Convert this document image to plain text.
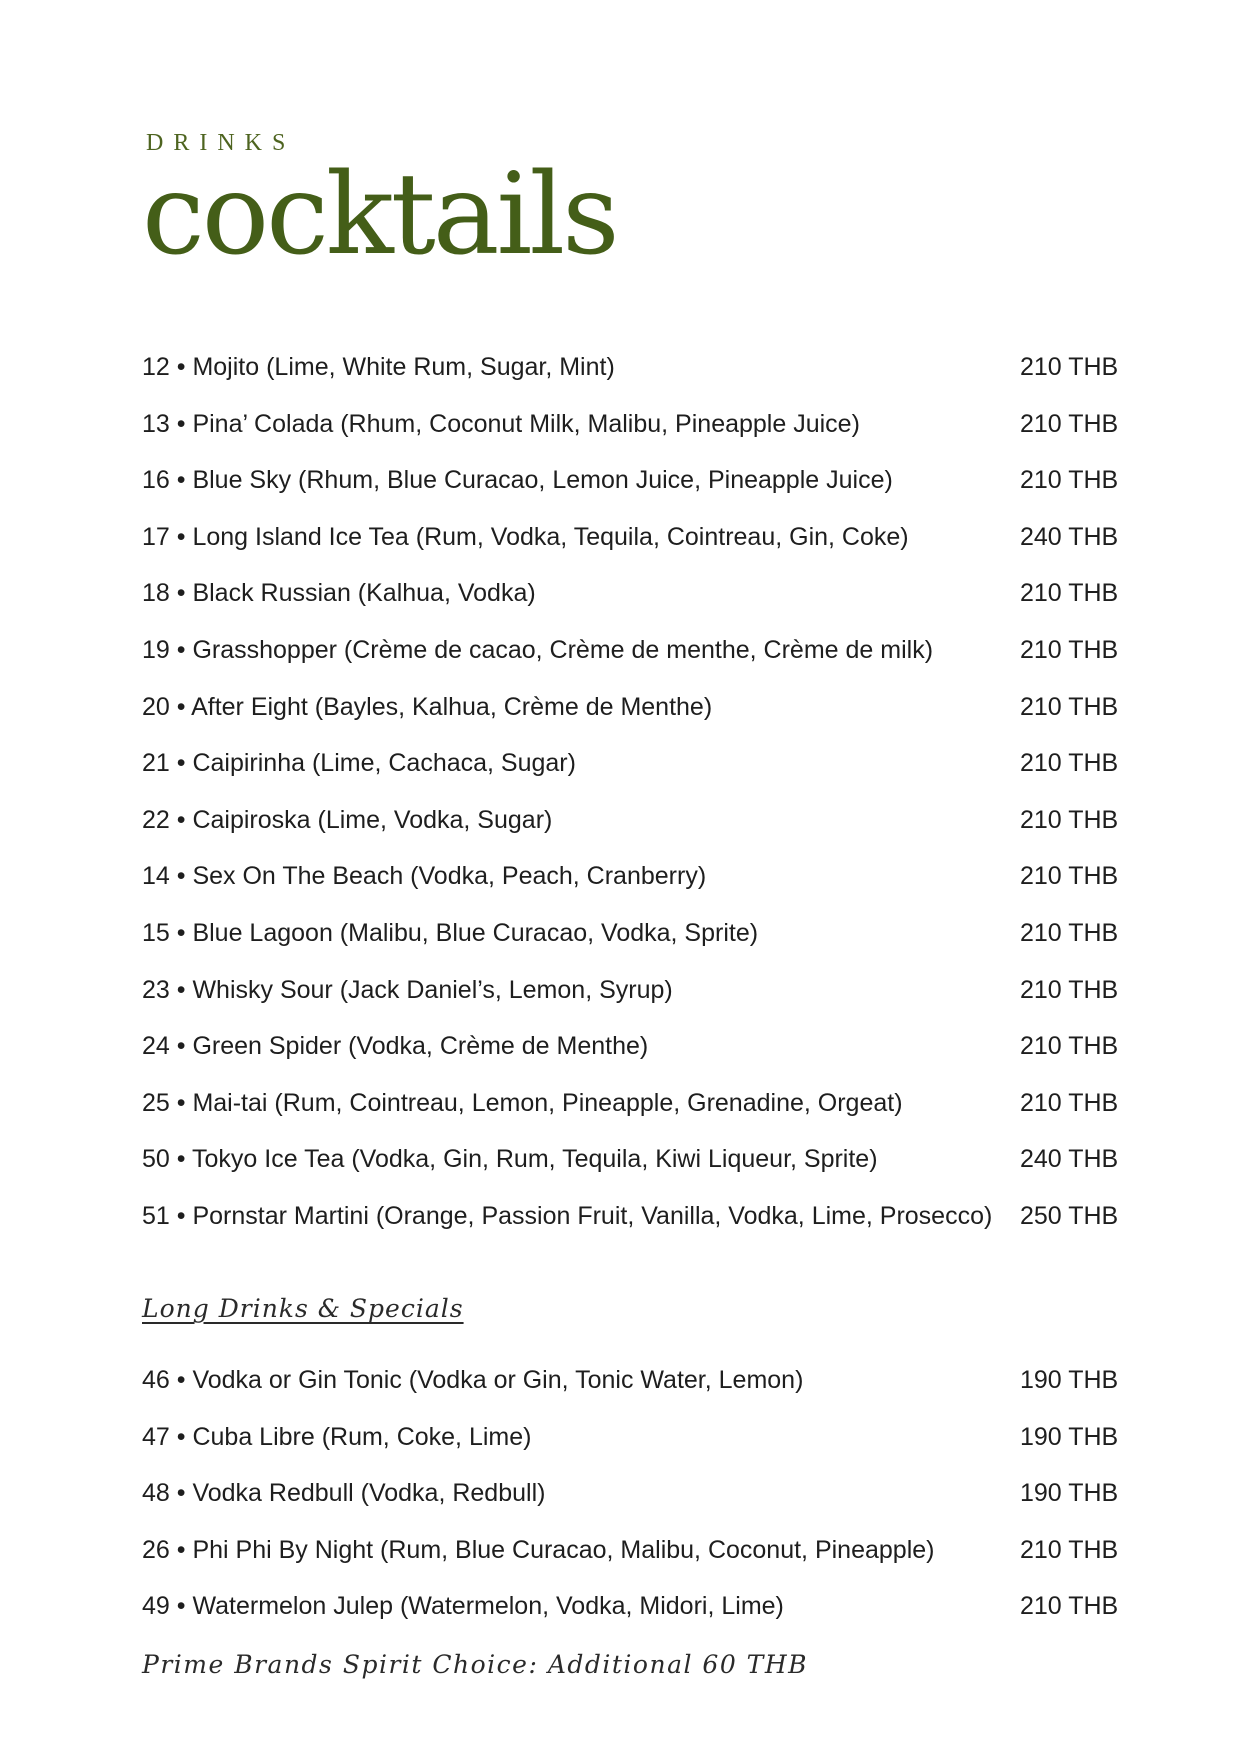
DRINKS
cocktails
12 • Mojito (Lime, White Rum, Sugar, Mint)	210 THB
13 • Pina’ Colada (Rhum, Coconut Milk, Malibu, Pineapple Juice)	210 THB
16 • Blue Sky (Rhum, Blue Curacao, Lemon Juice, Pineapple Juice)	210 THB
17 • Long Island Ice Tea (Rum, Vodka, Tequila, Cointreau, Gin, Coke)	240 THB
18 • Black Russian (Kalhua, Vodka)	210 THB
19 • Grasshopper (Crème de cacao, Crème de menthe, Crème de milk)	210 THB
20 • After Eight (Bayles, Kalhua, Crème de Menthe)	210 THB
21 • Caipirinha (Lime, Cachaca, Sugar)	210 THB
22 • Caipiroska (Lime, Vodka, Sugar)	210 THB
14 • Sex On The Beach (Vodka, Peach, Cranberry)	210 THB
15 • Blue Lagoon (Malibu, Blue Curacao, Vodka, Sprite)	210 THB
23 • Whisky Sour (Jack Daniel’s, Lemon, Syrup)	210 THB
24 • Green Spider (Vodka, Crème de Menthe)	210 THB
25 • Mai-tai (Rum, Cointreau, Lemon, Pineapple, Grenadine, Orgeat)	210 THB
50 • Tokyo Ice Tea (Vodka, Gin, Rum, Tequila, Kiwi Liqueur, Sprite)	240 THB
51 • Pornstar Martini (Orange, Passion Fruit, Vanilla, Vodka, Lime, Prosecco) 250 THB
Long Drinks & Specials
46 • Vodka or Gin Tonic (Vodka or Gin, Tonic Water, Lemon)	190 THB
47 • Cuba Libre (Rum, Coke, Lime)	190 THB
48 • Vodka Redbull (Vodka, Redbull)	190 THB
26 • Phi Phi By Night (Rum, Blue Curacao, Malibu, Coconut, Pineapple)	210 THB
49 • Watermelon Julep (Watermelon, Vodka, Midori, Lime)	210 THB
Prime Brands Spirit Choice: Additional 60 THB
